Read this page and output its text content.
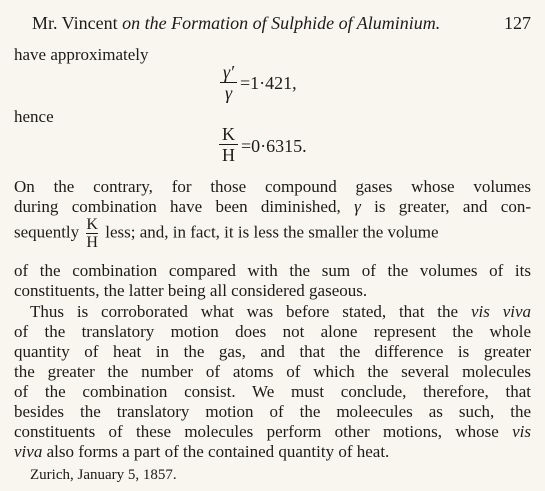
Mr. Vincent on the Formation of Sulphide of Aluminium.	127
have approximately
γ′
γ =1·421,
hence
K
H =0·6315.
On the contrary, for those compound gases whose volumes
during combination have been diminished, γ is greater, and con-
sequently $\frac{K}{H}$ less; and, in fact, it is less the smaller the volume
of the combination compared with the sum of the volumes of its
constituents, the latter being all considered gaseous.
Thus is corroborated what was before stated, that the vis viva
of the translatory motion does not alone represent the whole
quantity of heat in the gas, and that the difference is greater
the greater the number of atoms of which the several molecules
of the combination consist. We must conclude, therefore, that
besides the translatory motion of the moleecules as such, the
constituents of these molecules perform other motions, whose vis
viva also forms a part of the contained quantity of heat.
Zurich, January 5, 1857.
